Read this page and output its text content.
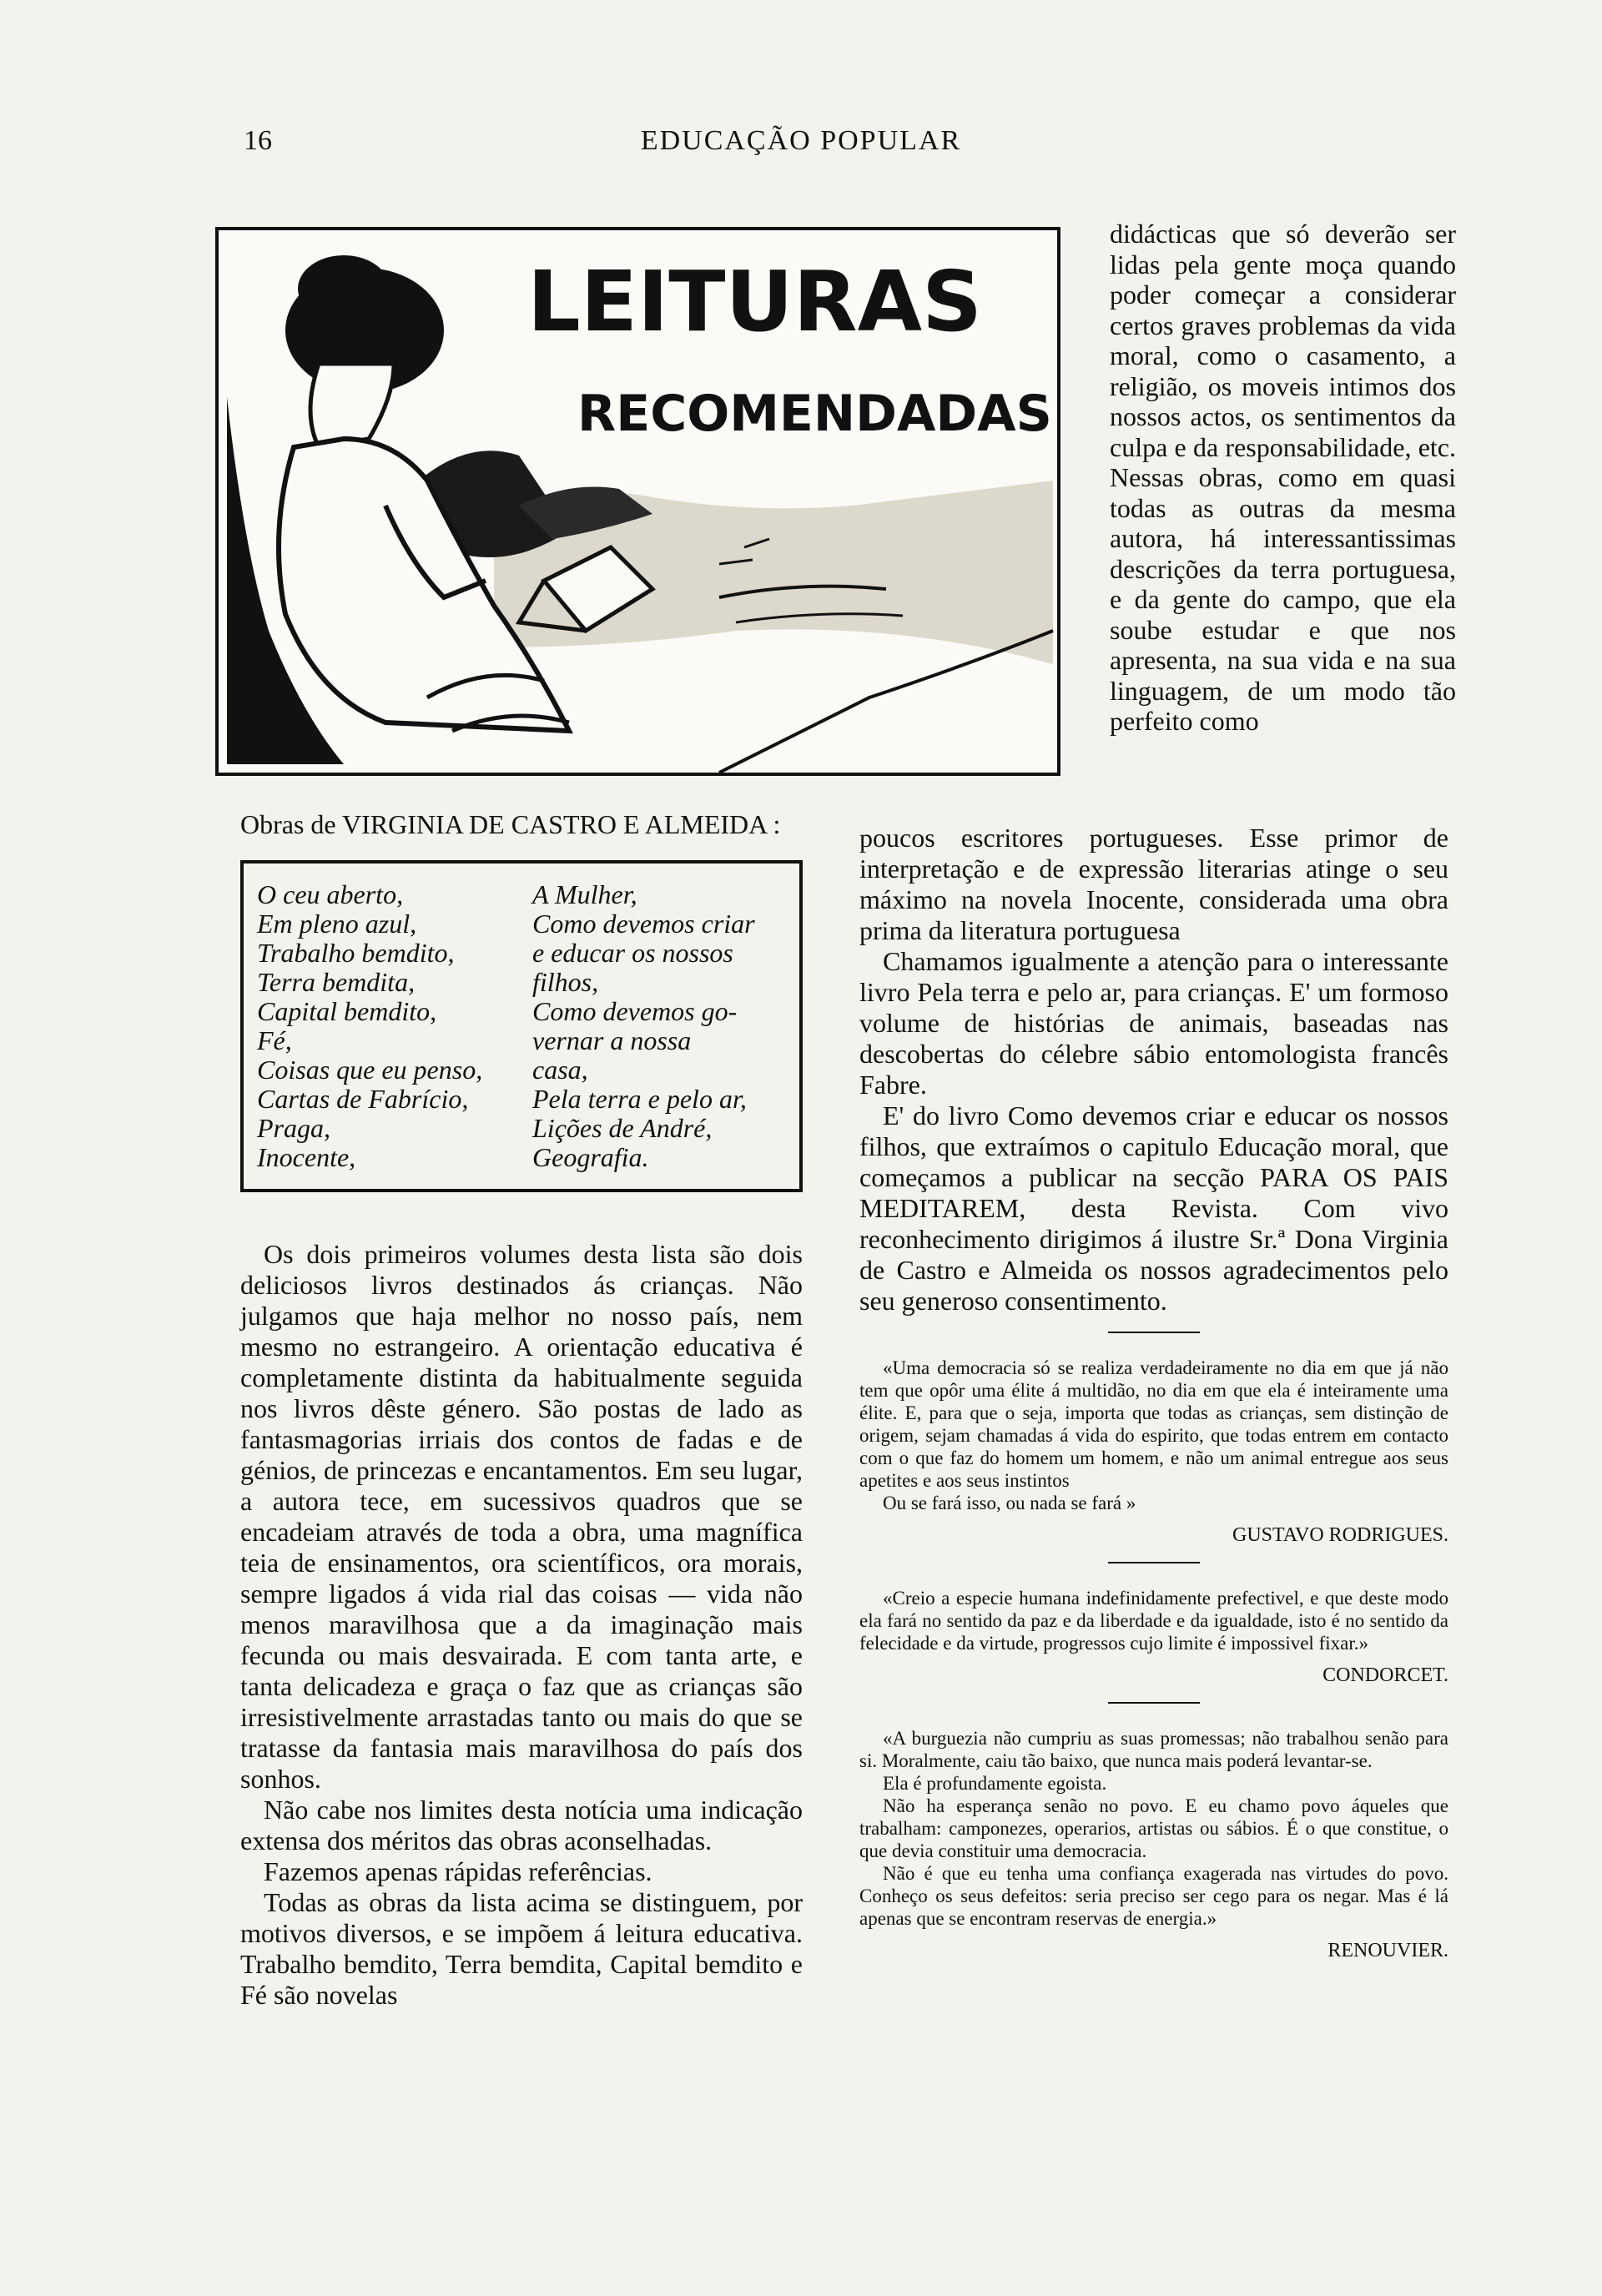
16	EDUCAÇÃO POPULAR
LEITURAS
RECOMENDADAS
didácticas que só deverão ser lidas pela gente moça quando poder começar a considerar certos graves problemas da vida moral, como o casamento, a religião, os moveis intimos dos nossos actos, os sentimentos da culpa e da responsabilidade, etc. Nessas obras, como em quasi todas as outras da mesma autora, há interessantissimas descrições da terra portuguesa, e da gente do campo, que ela soube estudar e que nos apresenta, na sua vida e na sua linguagem, de um modo tão perfeito como

Obras de VIRGINIA DE CASTRO E ALMEIDA :

O ceu aberto,
Em pleno azul,
Trabalho bemdito,
Terra bemdita,
Capital bemdito,
Fé,
Coisas que eu penso,
Cartas de Fabrício,
Praga,
Inocente,
A Mulher,
Como devemos criar
e educar os nossos
filhos,
Como devemos go-
vernar a nossa
casa,
Pela terra e pelo ar,
Lições de André,
Geografia.

Os dois primeiros volumes desta lista são dois deliciosos livros destinados ás crianças. Não julgamos que haja melhor no nosso país, nem mesmo no estrangeiro. A orientação educativa é completamente distinta da habitualmente seguida nos livros dêste género. São postas de lado as fantasmagorias irriais dos contos de fadas e de génios, de princezas e encantamentos. Em seu lugar, a autora tece, em sucessivos quadros que se encadeiam através de toda a obra, uma magnífica teia de ensinamentos, ora scientíficos, ora morais, sempre ligados á vida rial das coisas — vida não menos maravilhosa que a da imaginação mais fecunda ou mais desvairada. E com tanta arte, e tanta delicadeza e graça o faz que as crianças são irresistivelmente arrastadas tanto ou mais do que se tratasse da fantasia mais maravilhosa do país dos sonhos.

Não cabe nos limites desta notícia uma indicação extensa dos méritos das obras aconselhadas.

Fazemos apenas rápidas referências.

Todas as obras da lista acima se distinguem, por motivos diversos, e se impõem á leitura educativa. Trabalho bemdito, Terra bemdita, Capital bemdito e Fé são novelas

poucos escritores portugueses. Esse primor de interpretação e de expressão literarias atinge o seu máximo na novela Inocente, considerada uma obra prima da literatura portuguesa

Chamamos igualmente a atenção para o interessante livro Pela terra e pelo ar, para crianças. E' um formoso volume de histórias de animais, baseadas nas descobertas do célebre sábio entomologista francês Fabre.

E' do livro Como devemos criar e educar os nossos filhos, que extraímos o capitulo Educação moral, que começamos a publicar na secção PARA OS PAIS MEDITAREM, desta Revista. Com vivo reconhecimento dirigimos á ilustre Sr.ª Dona Virginia de Castro e Almeida os nossos agradecimentos pelo seu generoso consentimento.

«Uma democracia só se realiza verdadeiramente no dia em que já não tem que opôr uma élite á multidão, no dia em que ela é inteiramente uma élite. E, para que o seja, importa que todas as crianças, sem distinção de origem, sejam chamadas á vida do espirito, que todas entrem em contacto com o que faz do homem um homem, e não um animal entregue aos seus apetites e aos seus instintos

Ou se fará isso, ou nada se fará »

GUSTAVO RODRIGUES.

«Creio a especie humana indefinidamente prefectivel, e que deste modo ela fará no sentido da paz e da liberdade e da igualdade, isto é no sentido da felecidade e da virtude, progressos cujo limite é impossivel fixar.»

CONDORCET.

«A burguezia não cumpriu as suas promessas; não trabalhou senão para si. Moralmente, caiu tão baixo, que nunca mais poderá levantar-se.

Ela é profundamente egoista.

Não ha esperança senão no povo. E eu chamo povo áqueles que trabalham: camponezes, operarios, artistas ou sábios. É o que constitue, o que devia constituir uma democracia.

Não é que eu tenha uma confiança exagerada nas virtudes do povo. Conheço os seus defeitos: seria preciso ser cego para os negar. Mas é lá apenas que se encontram reservas de energia.»

RENOUVIER.
